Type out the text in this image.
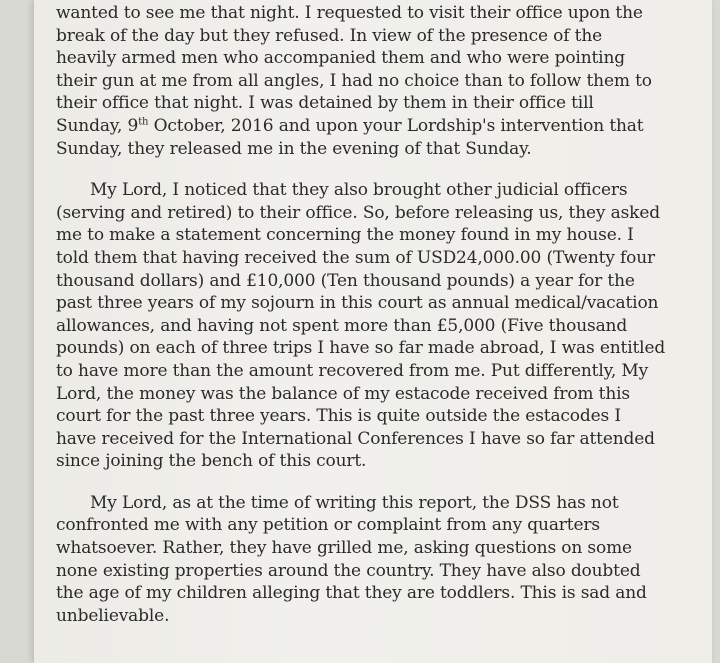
wanted to see me that night. I requested to visit their office upon the
break of the day but they refused. In view of the presence of the
heavily armed men who accompanied them and who were pointing
their gun at me from all angles, I had no choice than to follow them to
their office that night. I was detained by them in their office till
Sunday, 9th October, 2016 and upon your Lordship's intervention that
Sunday, they released me in the evening of that Sunday.

My Lord, I noticed that they also brought other judicial officers
(serving and retired) to their office. So, before releasing us, they asked
me to make a statement concerning the money found in my house. I
told them that having received the sum of USD24,000.00 (Twenty four
thousand dollars) and £10,000 (Ten thousand pounds) a year for the
past three years of my sojourn in this court as annual medical/vacation
allowances, and having not spent more than £5,000 (Five thousand
pounds) on each of three trips I have so far made abroad, I was entitled
to have more than the amount recovered from me. Put differently, My
Lord, the money was the balance of my estacode received from this
court for the past three years. This is quite outside the estacodes I
have received for the International Conferences I have so far attended
since joining the bench of this court.

My Lord, as at the time of writing this report, the DSS has not
confronted me with any petition or complaint from any quarters
whatsoever. Rather, they have grilled me, asking questions on some
none existing properties around the country. They have also doubted
the age of my children alleging that they are toddlers. This is sad and
unbelievable.
